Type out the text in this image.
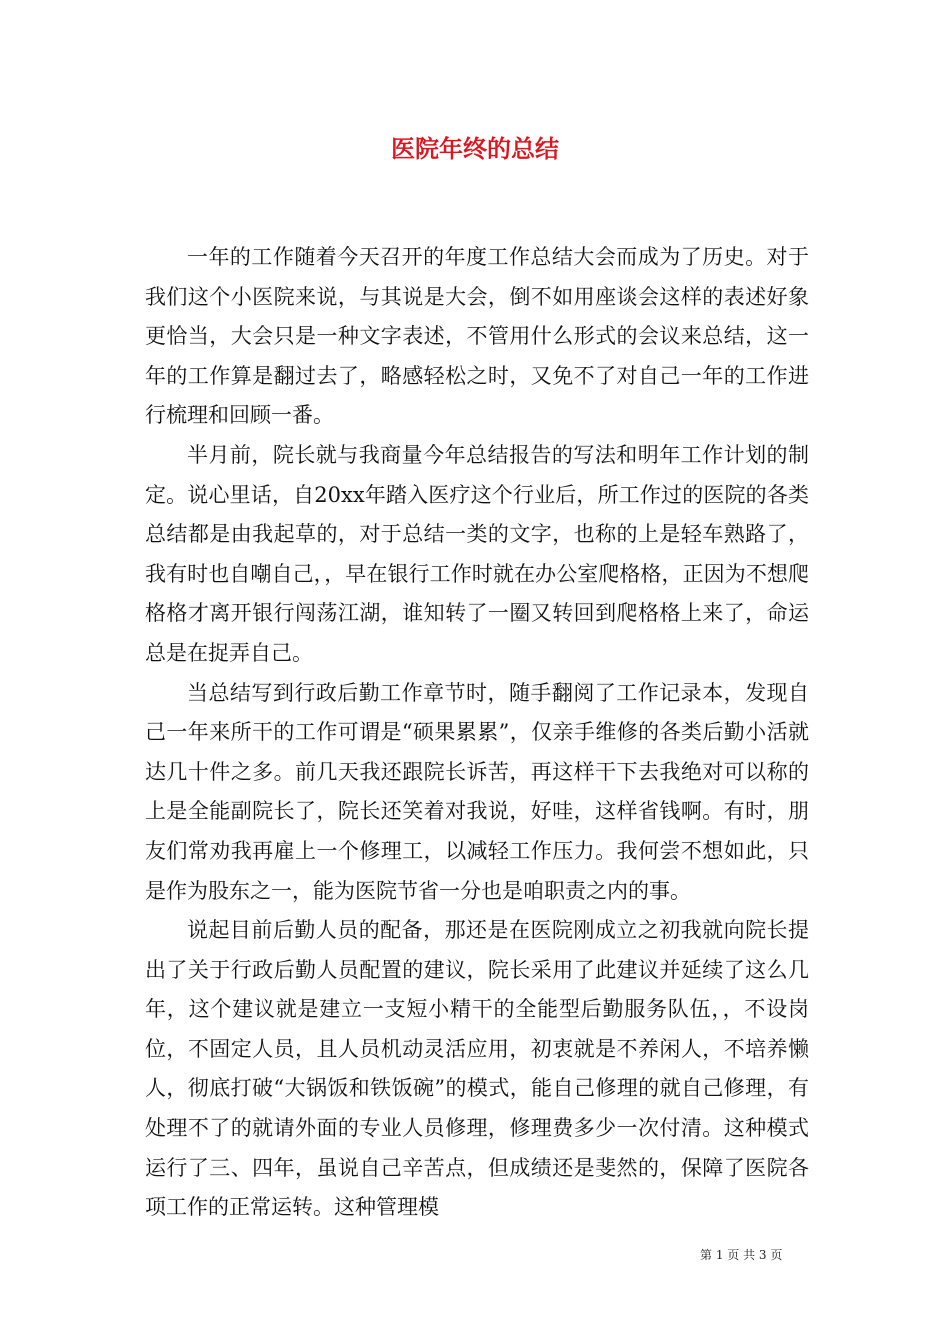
医院年终的总结

一年的工作随着今天召开的年度工作总结大会而成为了历史。对于我们这个小医院来说，与其说是大会，倒不如用座谈会这样的表述好象更恰当，大会只是一种文字表述，不管用什么形式的会议来总结，这一年的工作算是翻过去了，略感轻松之时，又免不了对自己一年的工作进行梳理和回顾一番。

半月前，院长就与我商量今年总结报告的写法和明年工作计划的制定。说心里话，自20xx年踏入医疗这个行业后，所工作过的医院的各类总结都是由我起草的，对于总结一类的文字，也称的上是轻车熟路了，我有时也自嘲自己，，早在银行工作时就在办公室爬格格，正因为不想爬格格才离开银行闯荡江湖，谁知转了一圈又转回到爬格格上来了，命运总是在捉弄自己。

当总结写到行政后勤工作章节时，随手翻阅了工作记录本，发现自己一年来所干的工作可谓是“硕果累累”，仅亲手维修的各类后勤小活就达几十件之多。前几天我还跟院长诉苦，再这样干下去我绝对可以称的上是全能副院长了，院长还笑着对我说，好哇，这样省钱啊。有时，朋友们常劝我再雇上一个修理工，以减轻工作压力。我何尝不想如此，只是作为股东之一，能为医院节省一分也是咱职责之内的事。

说起目前后勤人员的配备，那还是在医院刚成立之初我就向院长提出了关于行政后勤人员配置的建议，院长采用了此建议并延续了这么几年，这个建议就是建立一支短小精干的全能型后勤服务队伍，，不设岗位，不固定人员，且人员机动灵活应用，初衷就是不养闲人，不培养懒人，彻底打破“大锅饭和铁饭碗”的模式，能自己修理的就自己修理，有处理不了的就请外面的专业人员修理，修理费多少一次付清。这种模式运行了三、四年，虽说自己辛苦点，但成绩还是斐然的，保障了医院各项工作的正常运转。这种管理模

第 1 页 共 3 页
